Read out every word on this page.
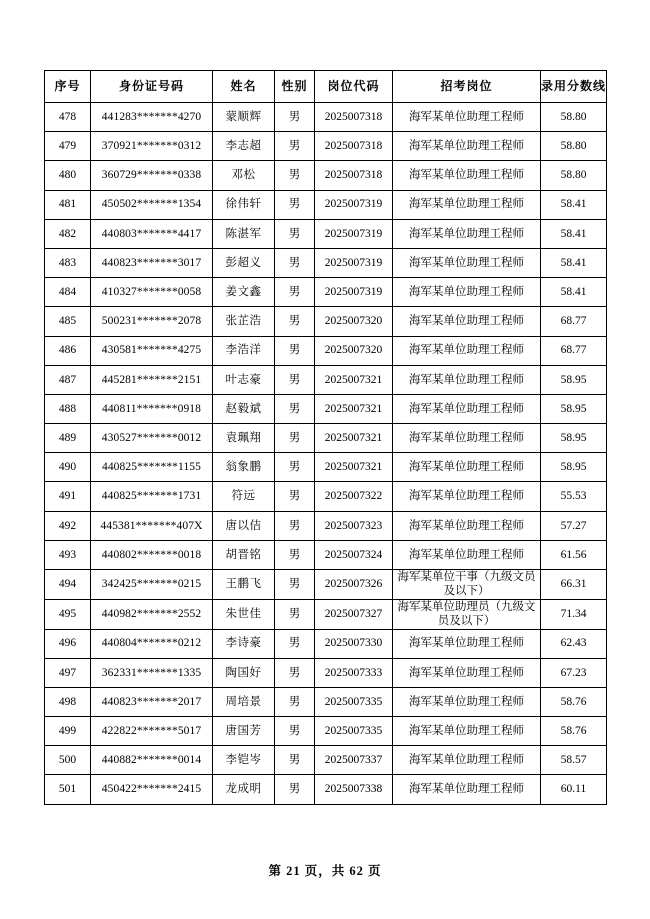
序号	身份证号码	姓名	性别	岗位代码	招考岗位	录用分数线
478	441283*******4270	蒙顺辉	男	2025007318	海军某单位助理工程师	58.80
479	370921*******0312	李志超	男	2025007318	海军某单位助理工程师	58.80
480	360729*******0338	邓松	男	2025007318	海军某单位助理工程师	58.80
481	450502*******1354	徐伟轩	男	2025007319	海军某单位助理工程师	58.41
482	440803*******4417	陈湛军	男	2025007319	海军某单位助理工程师	58.41
483	440823*******3017	彭超义	男	2025007319	海军某单位助理工程师	58.41
484	410327*******0058	姜文鑫	男	2025007319	海军某单位助理工程师	58.41
485	500231*******2078	张芷浩	男	2025007320	海军某单位助理工程师	68.77
486	430581*******4275	李浩洋	男	2025007320	海军某单位助理工程师	68.77
487	445281*******2151	叶志豪	男	2025007321	海军某单位助理工程师	58.95
488	440811*******0918	赵毅斌	男	2025007321	海军某单位助理工程师	58.95
489	430527*******0012	袁珮翔	男	2025007321	海军某单位助理工程师	58.95
490	440825*******1155	翁象鹏	男	2025007321	海军某单位助理工程师	58.95
491	440825*******1731	符远	男	2025007322	海军某单位助理工程师	55.53
492	445381*******407X	唐以佶	男	2025007323	海军某单位助理工程师	57.27
493	440802*******0018	胡晋铭	男	2025007324	海军某单位助理工程师	61.56
494	342425*******0215	王鹏飞	男	2025007326	海军某单位干事（九级文员及以下）	66.31
495	440982*******2552	朱世佳	男	2025007327	海军某单位助理员（九级文员及以下）	71.34
496	440804*******0212	李诗豪	男	2025007330	海军某单位助理工程师	62.43
497	362331*******1335	陶国好	男	2025007333	海军某单位助理工程师	67.23
498	440823*******2017	周培景	男	2025007335	海军某单位助理工程师	58.76
499	422822*******5017	唐国芳	男	2025007335	海军某单位助理工程师	58.76
500	440882*******0014	李铠岑	男	2025007337	海军某单位助理工程师	58.57
501	450422*******2415	龙成明	男	2025007338	海军某单位助理工程师	60.11
第 21 页，共 62 页
